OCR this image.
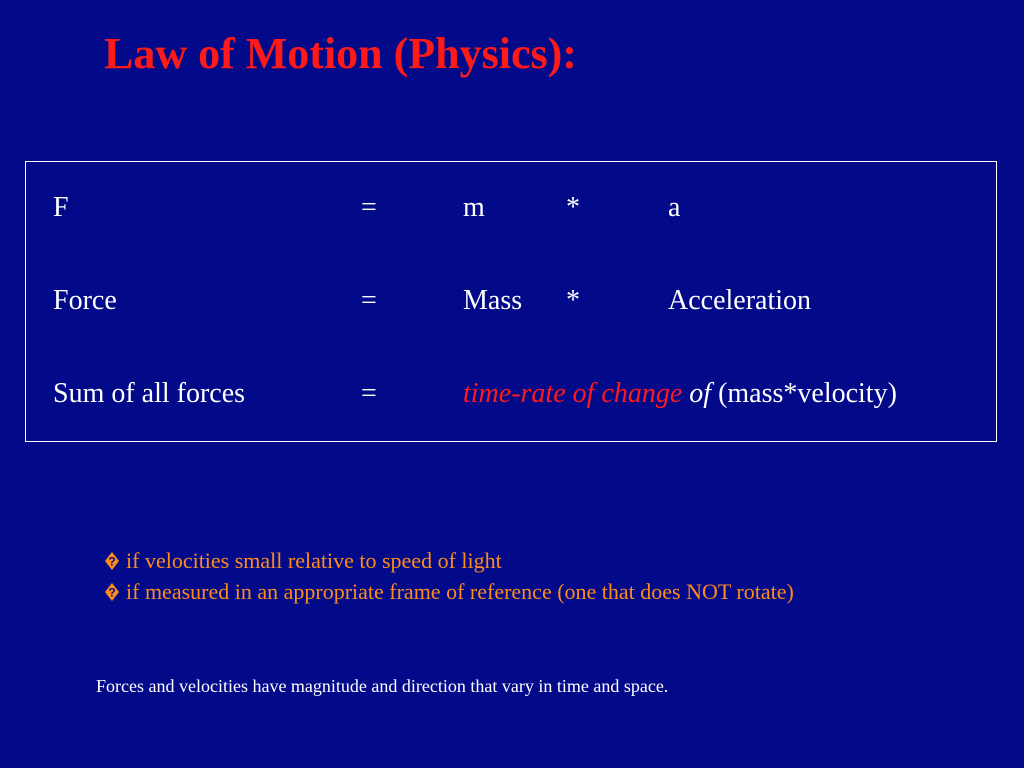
Law of Motion (Physics):
F	=	m	*	a
Force	=	Mass *	Acceleration
Sum of all forces	=	time-rate of change of (mass*velocity)
? if velocities small relative to speed of light
? if measured in an appropriate frame of reference (one that does NOT rotate)
Forces and velocities have magnitude and direction that vary in time and space.
